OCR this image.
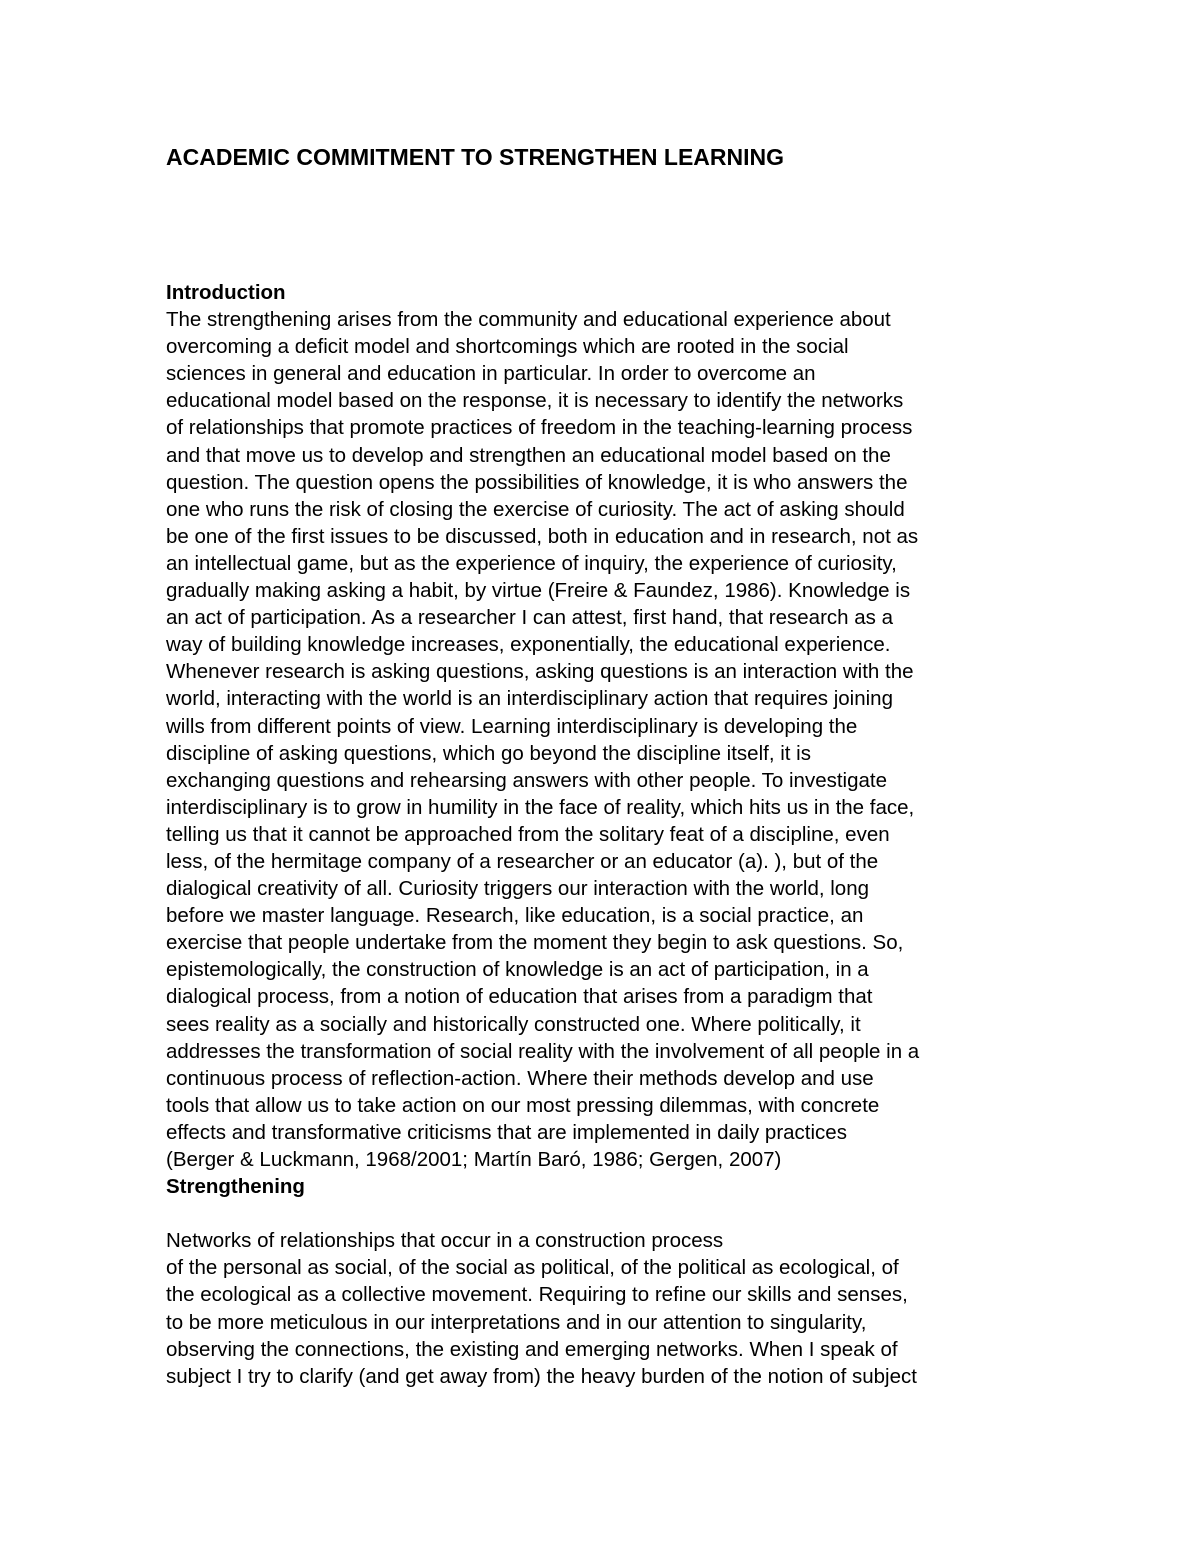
ACADEMIC COMMITMENT TO STRENGTHEN LEARNING
Introduction
The strengthening arises from the community and educational experience about
overcoming a deficit model and shortcomings which are rooted in the social
sciences in general and education in particular. In order to overcome an
educational model based on the response, it is necessary to identify the networks
of relationships that promote practices of freedom in the teaching-learning process
and that move us to develop and strengthen an educational model based on the
question. The question opens the possibilities of knowledge, it is who answers the
one who runs the risk of closing the exercise of curiosity. The act of asking should
be one of the first issues to be discussed, both in education and in research, not as
an intellectual game, but as the experience of inquiry, the experience of curiosity,
gradually making asking a habit, by virtue (Freire & Faundez, 1986). Knowledge is
an act of participation. As a researcher I can attest, first hand, that research as a
way of building knowledge increases, exponentially, the educational experience.
Whenever research is asking questions, asking questions is an interaction with the
world, interacting with the world is an interdisciplinary action that requires joining
wills from different points of view. Learning interdisciplinary is developing the
discipline of asking questions, which go beyond the discipline itself, it is
exchanging questions and rehearsing answers with other people. To investigate
interdisciplinary is to grow in humility in the face of reality, which hits us in the face,
telling us that it cannot be approached from the solitary feat of a discipline, even
less, of the hermitage company of a researcher or an educator (a). ), but of the
dialogical creativity of all. Curiosity triggers our interaction with the world, long
before we master language. Research, like education, is a social practice, an
exercise that people undertake from the moment they begin to ask questions. So,
epistemologically, the construction of knowledge is an act of participation, in a
dialogical process, from a notion of education that arises from a paradigm that
sees reality as a socially and historically constructed one. Where politically, it
addresses the transformation of social reality with the involvement of all people in a
continuous process of reflection-action. Where their methods develop and use
tools that allow us to take action on our most pressing dilemmas, with concrete
effects and transformative criticisms that are implemented in daily practices
(Berger & Luckmann, 1968/2001; Martín Baró, 1986; Gergen, 2007)
Strengthening
Networks of relationships that occur in a construction process
of the personal as social, of the social as political, of the political as ecological, of
the ecological as a collective movement. Requiring to refine our skills and senses,
to be more meticulous in our interpretations and in our attention to singularity,
observing the connections, the existing and emerging networks. When I speak of
subject I try to clarify (and get away from) the heavy burden of the notion of subject
